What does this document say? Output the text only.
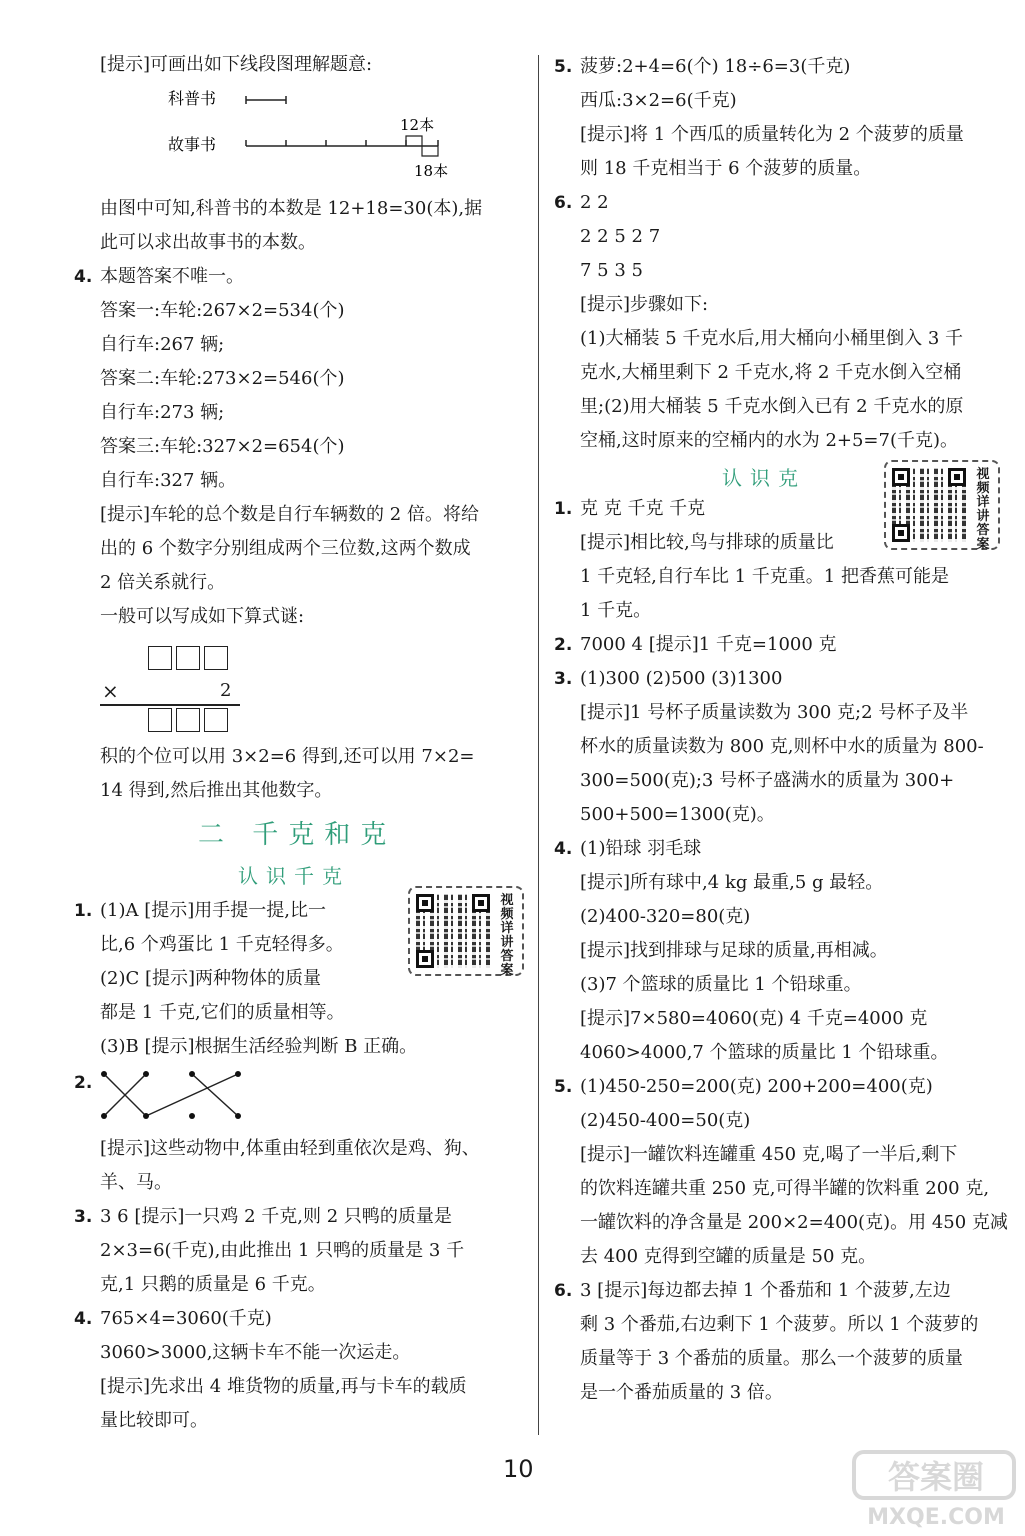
[提示]可画出如下线段图理解题意:
科普书
故事书
12本
18本
由图中可知,科普书的本数是 12+18=30(本),据
此可以求出故事书的本数。
4. 本题答案不唯一。
答案一:车轮:267×2=534(个)
自行车:267 辆;
答案二:车轮:273×2=546(个)
自行车:273 辆;
答案三:车轮:327×2=654(个)
自行车:327 辆。
[提示]车轮的总个数是自行车辆数的 2 倍。将给
出的 6 个数字分别组成两个三位数,这两个数成
2 倍关系就行。
一般可以写成如下算式谜:
×	2
积的个位可以用 3×2=6 得到,还可以用 7×2=
14 得到,然后推出其他数字。
二 千克和克
认识千克
视频详讲答案
1. (1)A [提示]用手提一提,比一
比,6 个鸡蛋比 1 千克轻得多。
(2)C [提示]两种物体的质量
都是 1 千克,它们的质量相等。
(3)B [提示]根据生活经验判断 B 正确。
2.
[提示]这些动物中,体重由轻到重依次是鸡、狗、
羊、马。
3. 3 6 [提示]一只鸡 2 千克,则 2 只鸭的质量是
2×3=6(千克),由此推出 1 只鸭的质量是 3 千
克,1 只鹅的质量是 6 千克。
4. 765×4=3060(千克)
3060>3000,这辆卡车不能一次运走。
[提示]先求出 4 堆货物的质量,再与卡车的载质
量比较即可。
5. 菠萝:2+4=6(个) 18÷6=3(千克)
西瓜:3×2=6(千克)
[提示]将 1 个西瓜的质量转化为 2 个菠萝的质量
则 18 千克相当于 6 个菠萝的质量。
6. 2 2
2 2 5 2 7
7 5 3 5
[提示]步骤如下:
(1)大桶装 5 千克水后,用大桶向小桶里倒入 3 千
克水,大桶里剩下 2 千克水,将 2 千克水倒入空桶
里;(2)用大桶装 5 千克水倒入已有 2 千克水的原
空桶,这时原来的空桶内的水为 2+5=7(千克)。
认识克	视频详讲答案
1. 克 克 千克 千克
[提示]相比较,鸟与排球的质量比
1 千克轻,自行车比 1 千克重。1 把香蕉可能是
1 千克。
2. 7000 4 [提示]1 千克=1000 克
3. (1)300 (2)500 (3)1300
[提示]1 号杯子质量读数为 300 克;2 号杯子及半
杯水的质量读数为 800 克,则杯中水的质量为 800-
300=500(克);3 号杯子盛满水的质量为 300+
500+500=1300(克)。
4. (1)铅球 羽毛球
[提示]所有球中,4 kg 最重,5 g 最轻。
(2)400-320=80(克)
[提示]找到排球与足球的质量,再相减。
(3)7 个篮球的质量比 1 个铅球重。
[提示]7×580=4060(克) 4 千克=4000 克
4060>4000,7 个篮球的质量比 1 个铅球重。
5. (1)450-250=200(克) 200+200=400(克)
(2)450-400=50(克)
[提示]一罐饮料连罐重 450 克,喝了一半后,剩下
的饮料连罐共重 250 克,可得半罐的饮料重 200 克,
一罐饮料的净含量是 200×2=400(克)。用 450 克减
去 400 克得到空罐的质量是 50 克。
6. 3 [提示]每边都去掉 1 个番茄和 1 个菠萝,左边
剩 3 个番茄,右边剩下 1 个菠萝。所以 1 个菠萝的
质量等于 3 个番茄的质量。那么一个菠萝的质量
是一个番茄质量的 3 倍。
10	答案圈
MXQE.COM
